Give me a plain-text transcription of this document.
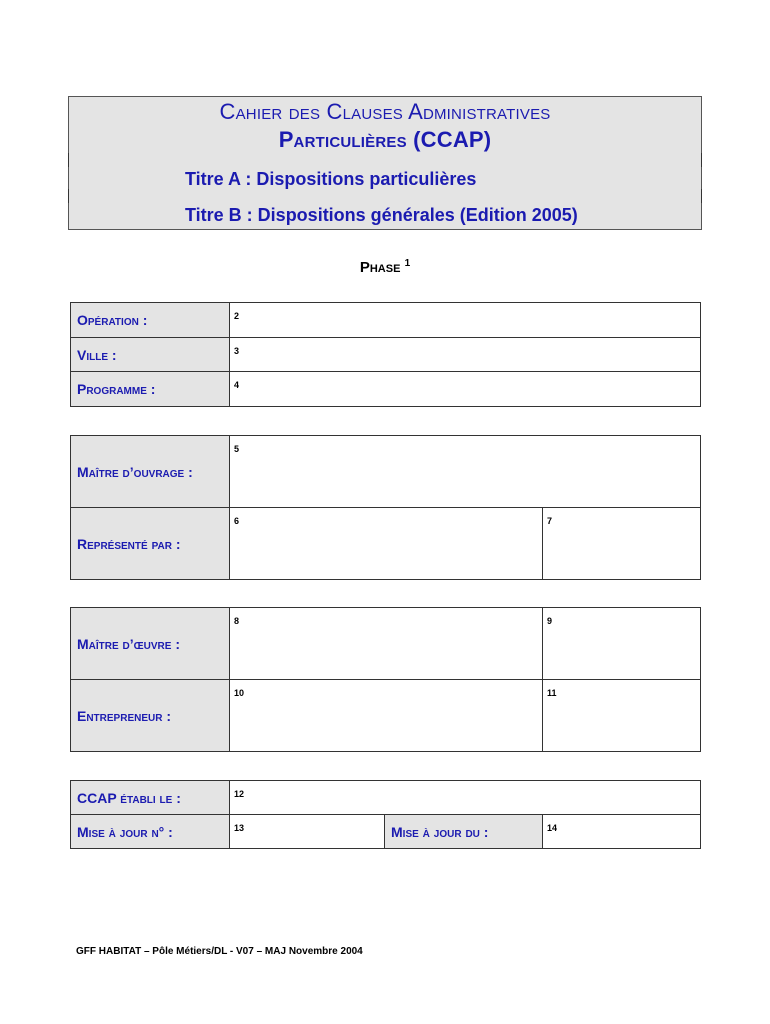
Cahier des Clauses Administratives
Particulières (CCAP)
Titre A : Dispositions particulières
Titre B : Dispositions générales (Edition 2005)
Phase $^1$
Opération :	2

Ville :	3

Programme :	4
Maître d’ouvrage :	5	

Représenté par :	6	7
Maître d’œuvre :	8	9

Entrepreneur :	10	11
CCAP établi le :	12		

Mise à jour n° :	13	Mise à jour du :	14
GFF HABITAT – Pôle Métiers/DL - V07 – MAJ Novembre 2004
